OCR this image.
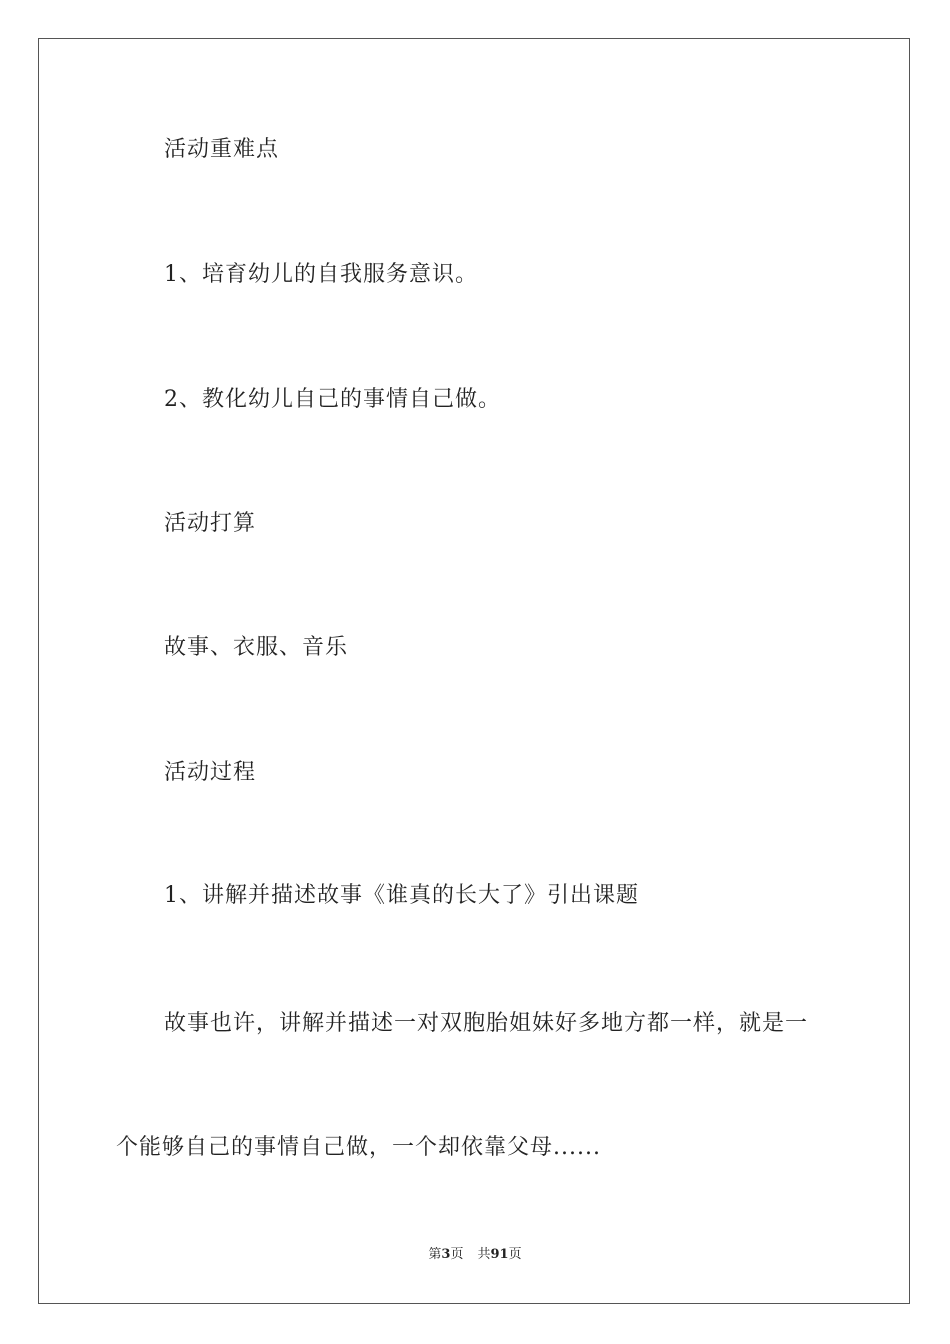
活动重难点
1、培育幼儿的自我服务意识。
2、教化幼儿自己的事情自己做。
活动打算
故事、衣服、音乐
活动过程
1、讲解并描述故事《谁真的长大了》引出课题
故事也许，讲解并描述一对双胞胎姐妹好多地方都一样，就是一
个能够自己的事情自己做，一个却依靠父母......
第3页 共91页
